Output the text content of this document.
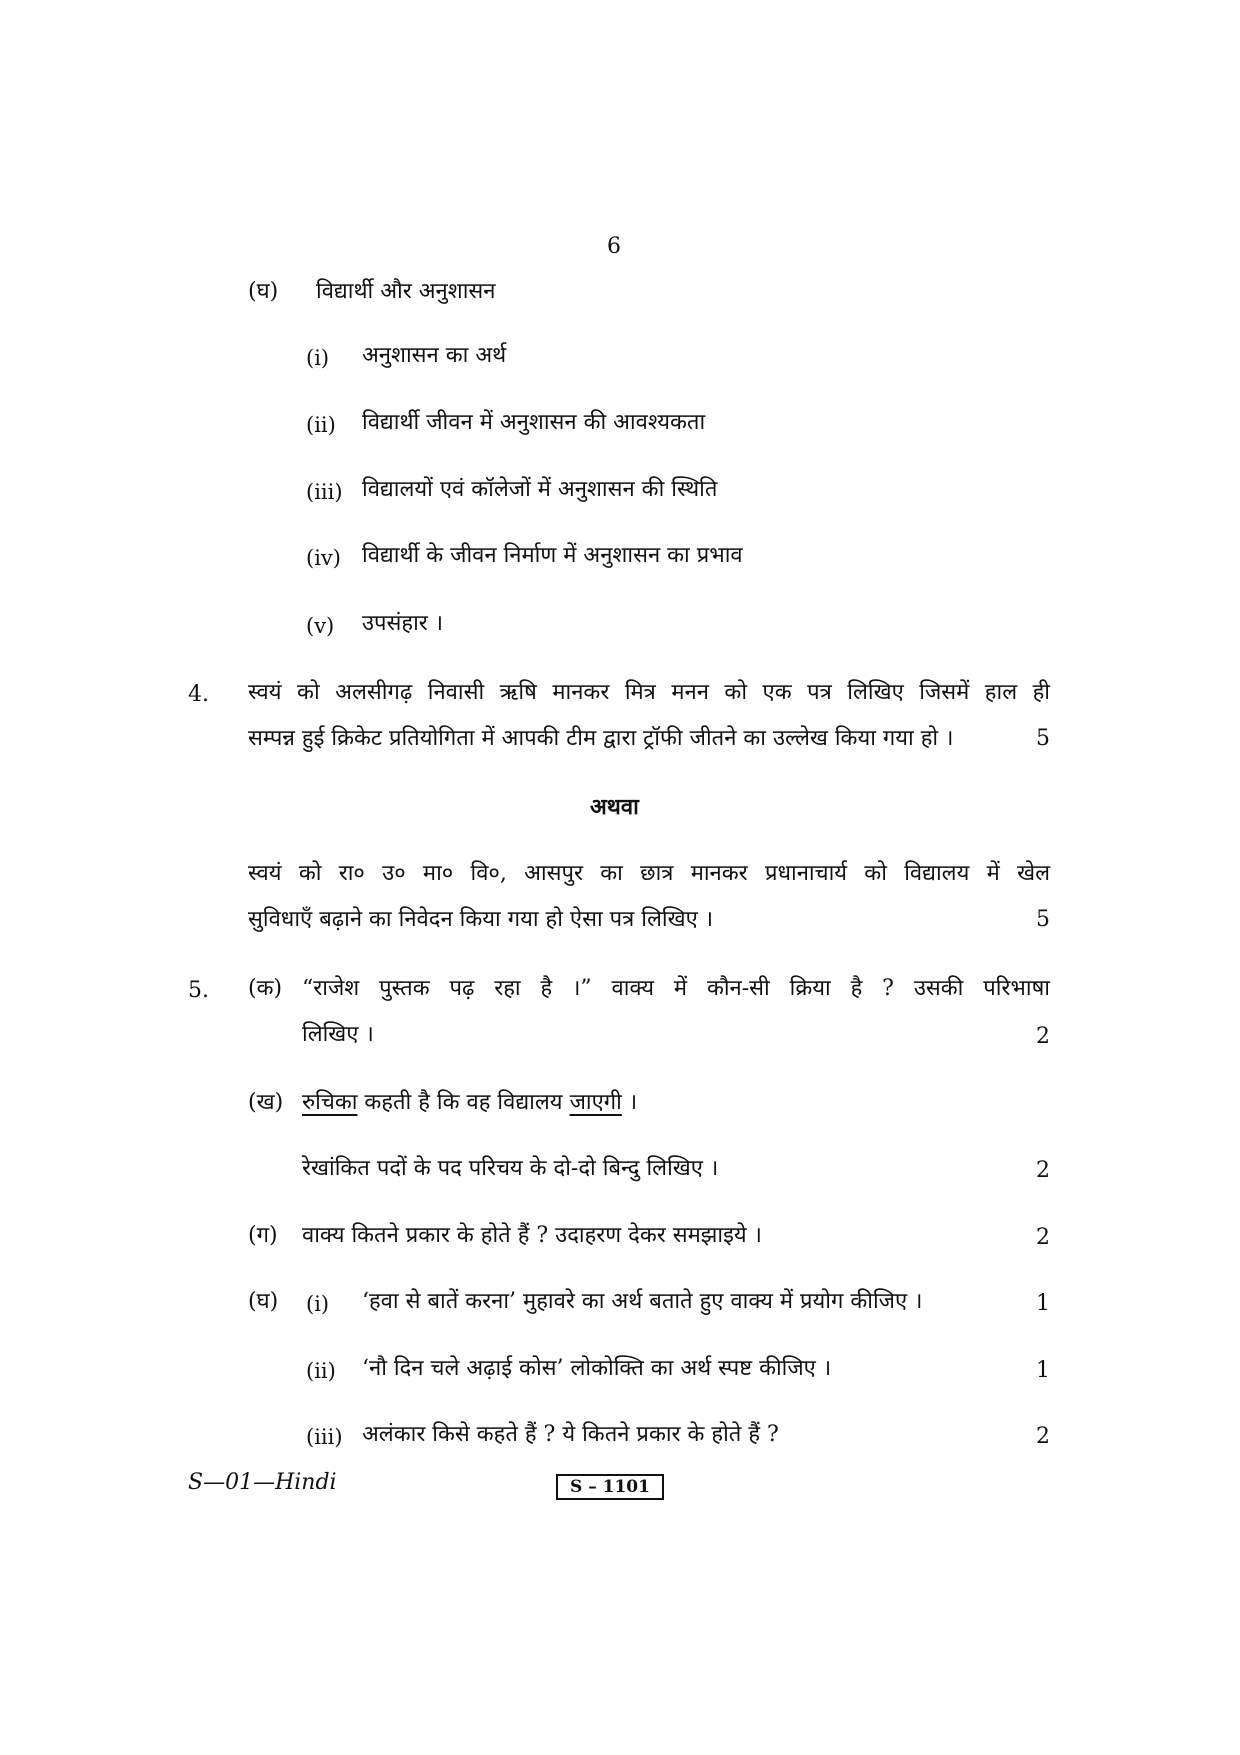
6
(घ) विद्यार्थी और अनुशासन
(i) अनुशासन का अर्थ
(ii) विद्यार्थी जीवन में अनुशासन की आवश्यकता
(iii) विद्यालयों एवं कॉलेजों में अनुशासन की स्थिति
(iv) विद्यार्थी के जीवन निर्माण में अनुशासन का प्रभाव
(v) उपसंहार ।
4. स्वयं को अलसीगढ़ निवासी ऋषि मानकर मित्र मनन को एक पत्र लिखिए जिसमें हाल ही
सम्पन्न हुई क्रिकेट प्रतियोगिता में आपकी टीम द्वारा ट्रॉफी जीतने का उल्लेख किया गया हो ।	5
अथवा
स्वयं को रा० उ० मा० वि०, आसपुर का छात्र मानकर प्रधानाचार्य को विद्यालय में खेल
सुविधाएँ बढ़ाने का निवेदन किया गया हो ऐसा पत्र लिखिए ।	5
5. (क) “राजेश पुस्तक पढ़ रहा है ।” वाक्य में कौन-सी क्रिया है ? उसकी परिभाषा
लिखिए ।	2
(ख) रुचिका कहती है कि वह विद्यालय जाएगी ।
रेखांकित पदों के पद परिचय के दो-दो बिन्दु लिखिए ।	2
(ग) वाक्य कितने प्रकार के होते हैं ? उदाहरण देकर समझाइये ।	2
(घ) (i) ‘हवा से बातें करना’ मुहावरे का अर्थ बताते हुए वाक्य में प्रयोग कीजिए ।	1
(ii) ‘नौ दिन चले अढ़ाई कोस’ लोकोक्ति का अर्थ स्पष्ट कीजिए ।	1
(iii) अलंकार किसे कहते हैं ? ये कितने प्रकार के होते हैं ?	2
S—01—Hindi	S – 1101
